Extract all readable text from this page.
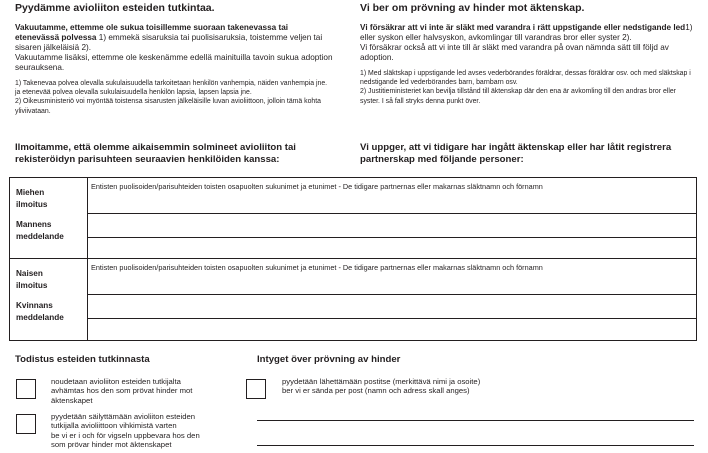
Pyydämme avioliiton esteiden tutkintaa.

Vakuutamme, ettemme ole sukua toisillemme suoraan takenevassa tai etenevässä polvessa 1) emmekä sisaruksia tai puolisisaruksia, toistemme veljen tai sisaren jälkeläisiä 2).

Vakuutamme lisäksi, ettemme ole keskenämme edellä mainituilla tavoin sukua adoption seurauksena.

1) Takenevaa polvea olevalla sukulaisuudella tarkoitetaan henkilön vanhempia, näiden vanhempia jne. ja etenevää polvea olevalla sukulaisuudella henkilön lapsia, lapsen lapsia jne.
2) Oikeusministeriö voi myöntää toistensa sisarusten jälkeläisille luvan avioliittoon, jolloin tämä kohta yliviivataan.
Vi ber om prövning av hinder mot äktenskap.

Vi försäkrar att vi inte är släkt med varandra i rätt uppstigande eller nedstigande led1) eller syskon eller halvsyskon, avkomlingar till varandras bror eller syster 2).

Vi försäkrar också att vi inte till är släkt med varandra på ovan nämnda sätt till följd av adoption.

1) Med släktskap i uppstigande led avses vederbörandes föräldrar, dessas föräldrar osv. och med släktskap i nedstigande led vederbörandes barn, barnbarn osv.
2) Justitieministeriet kan bevilja tillstånd till äktenskap där den ena är avkomling till den andras bror eller syster. I så fall stryks denna punkt över.
Ilmoitamme, että olemme aikaisemmin solmineet avioliiton tai rekisteröidyn parisuhteen seuraavien henkilöiden kanssa:
Vi uppger, att vi tidigare har ingått äktenskap eller har låtit registrera partnerskap med följande personer:
Entisten puolisoiden/parisuhteiden toisten osapuolten sukunimet ja etunimet - De tidigare partnernas eller makarnas släktnamn och förnamn
Miehen ilmoitus
Mannens meddelande
Entisten puolisoiden/parisuhteiden toisten osapuolten sukunimet ja etunimet - De tidigare partnernas eller makarnas släktnamn och förnamn
Naisen ilmoitus
Kvinnans meddelande
Todistus esteiden tutkinnasta	Intyget över prövning av hinder
noudetaan avioliiton esteiden tutkijalta
avhämtas hos den som prövat hinder mot
äktenskapet
pyydetään säilyttämään avioliiton esteiden
tutkijalla avioliittoon vihkimistä varten
be vi er i och för vigseln uppbevara hos den
som prövar hinder mot äktenskapet
pyydetään lähettämään postitse (merkittävä nimi ja osoite)
ber vi er sända per post (namn och adress skall anges)
